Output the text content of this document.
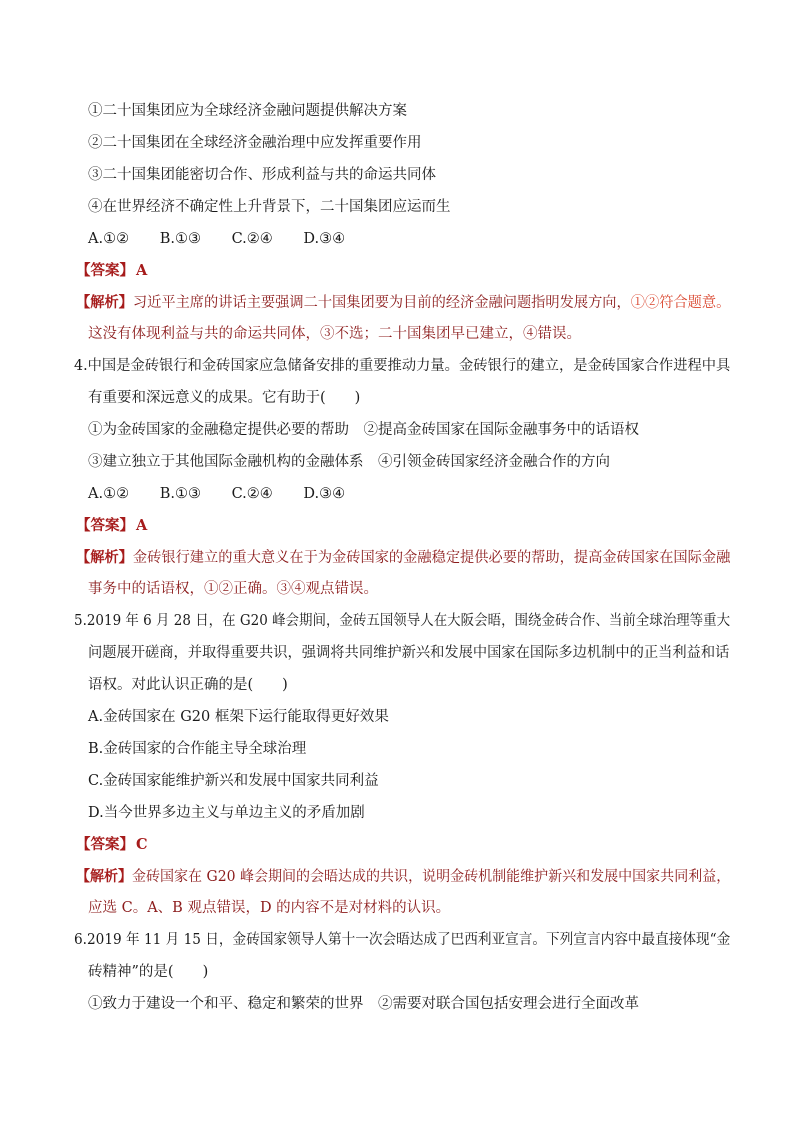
①二十国集团应为全球经济金融问题提供解决方案
②二十国集团在全球经济金融治理中应发挥重要作用
③二十国集团能密切合作、形成利益与共的命运共同体
④在世界经济不确定性上升背景下，二十国集团应运而生
A.①② B.①③ C.②④ D.③④
【答案】 A
【解析】习近平主席的讲话主要强调二十国集团要为目前的经济金融问题指明发展方向，①②符合题意。
这没有体现利益与共的命运共同体，③不选；二十国集团早已建立，④错误。
4.中国是金砖银行和金砖国家应急储备安排的重要推动力量。金砖银行的建立，是金砖国家合作进程中具
有重要和深远意义的成果。它有助于(　　)
①为金砖国家的金融稳定提供必要的帮助　②提高金砖国家在国际金融事务中的话语权
③建立独立于其他国际金融机构的金融体系　④引领金砖国家经济金融合作的方向
A.①② B.①③ C.②④ D.③④
【答案】 A
【解析】金砖银行建立的重大意义在于为金砖国家的金融稳定提供必要的帮助，提高金砖国家在国际金融
事务中的话语权，①②正确。③④观点错误。
5.2019 年 6 月 28 日，在 G20 峰会期间，金砖五国领导人在大阪会晤，围绕金砖合作、当前全球治理等重大
问题展开磋商，并取得重要共识，强调将共同维护新兴和发展中国家在国际多边机制中的正当利益和话
语权。对此认识正确的是(　　)
A.金砖国家在 G20 框架下运行能取得更好效果
B.金砖国家的合作能主导全球治理
C.金砖国家能维护新兴和发展中国家共同利益
D.当今世界多边主义与单边主义的矛盾加剧
【答案】 C
【解析】金砖国家在 G20 峰会期间的会晤达成的共识，说明金砖机制能维护新兴和发展中国家共同利益，
应选 C。A、B 观点错误，D 的内容不是对材料的认识。
6.2019 年 11 月 15 日，金砖国家领导人第十一次会晤达成了巴西利亚宣言。下列宣言内容中最直接体现“金
砖精神”的是(　　)
①致力于建设一个和平、稳定和繁荣的世界　②需要对联合国包括安理会进行全面改革
